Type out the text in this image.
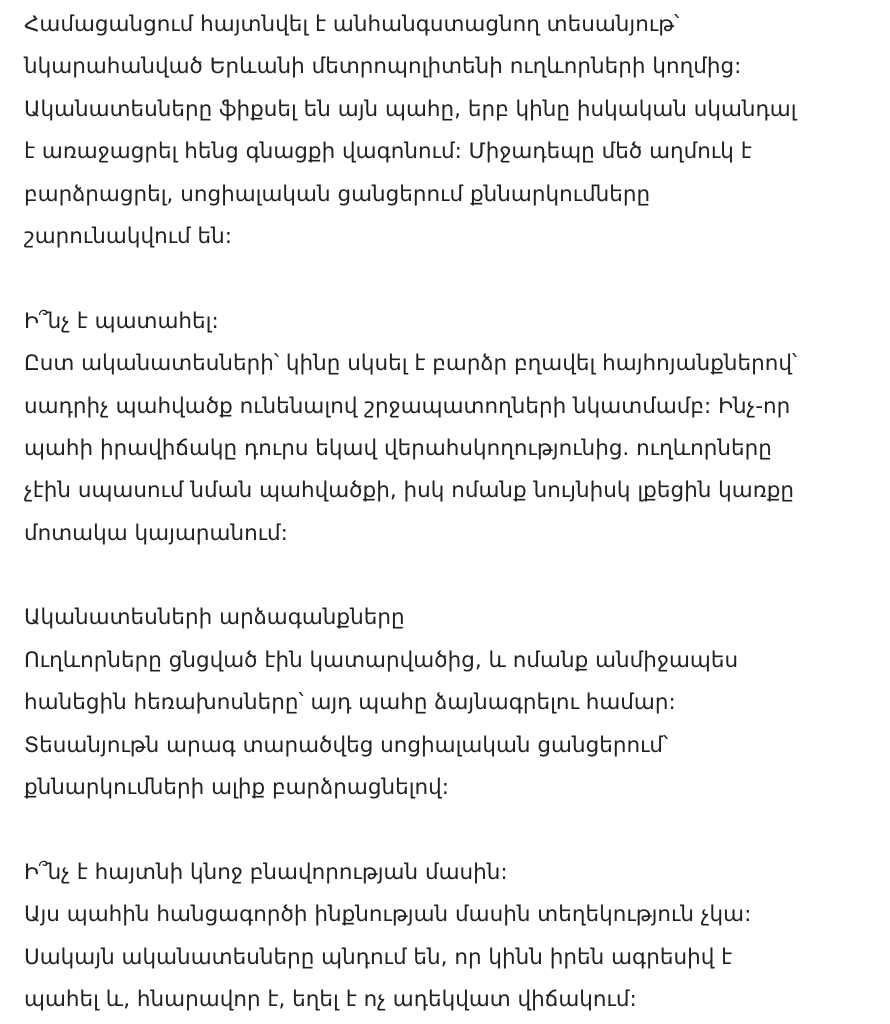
Համացանցում հայտնվել է անհանգստացնող տեսանյութ՝
նկարահանված Երևանի մետրոպոլիտենի ուղևորների կողմից:
Ականատեսները ֆիքսել են այն պահը, երբ կինը իսկական սկանդալ
է առաջացրել հենց գնացքի վագոնում: Միջադեպը մեծ աղմուկ է
բարձրացրել, սոցիալական ցանցերում քննարկումները
շարունակվում են:
Ի՞նչ է պատահել:
Ըստ ականատեսների՝ կինը սկսել է բարձր բղավել հայհոյանքներով՝
սադրիչ պահվածք ունենալով շրջապատողների նկատմամբ: Ինչ-որ
պահի իրավիճակը դուրս եկավ վերահսկողությունից. ուղևորները
չէին սպասում նման պահվածքի, իսկ ոմանք նույնիսկ լքեցին կառքը
մոտակա կայարանում:
Ականատեսների արձագանքները
Ուղևորները ցնցված էին կատարվածից, և ոմանք անմիջապես
հանեցին հեռախոսները՝ այդ պահը ձայնագրելու համար:
Տեսանյութն արագ տարածվեց սոցիալական ցանցերում՝
քննարկումների ալիք բարձրացնելով:
Ի՞նչ է հայտնի կնոջ բնավորության մասին:
Այս պահին հանցագործի ինքնության մասին տեղեկություն չկա:
Սակայն ականատեսները պնդում են, որ կինն իրեն ագրեսիվ է
պահել և, հնարավոր է, եղել է ոչ ադեկվատ վիճակում:
